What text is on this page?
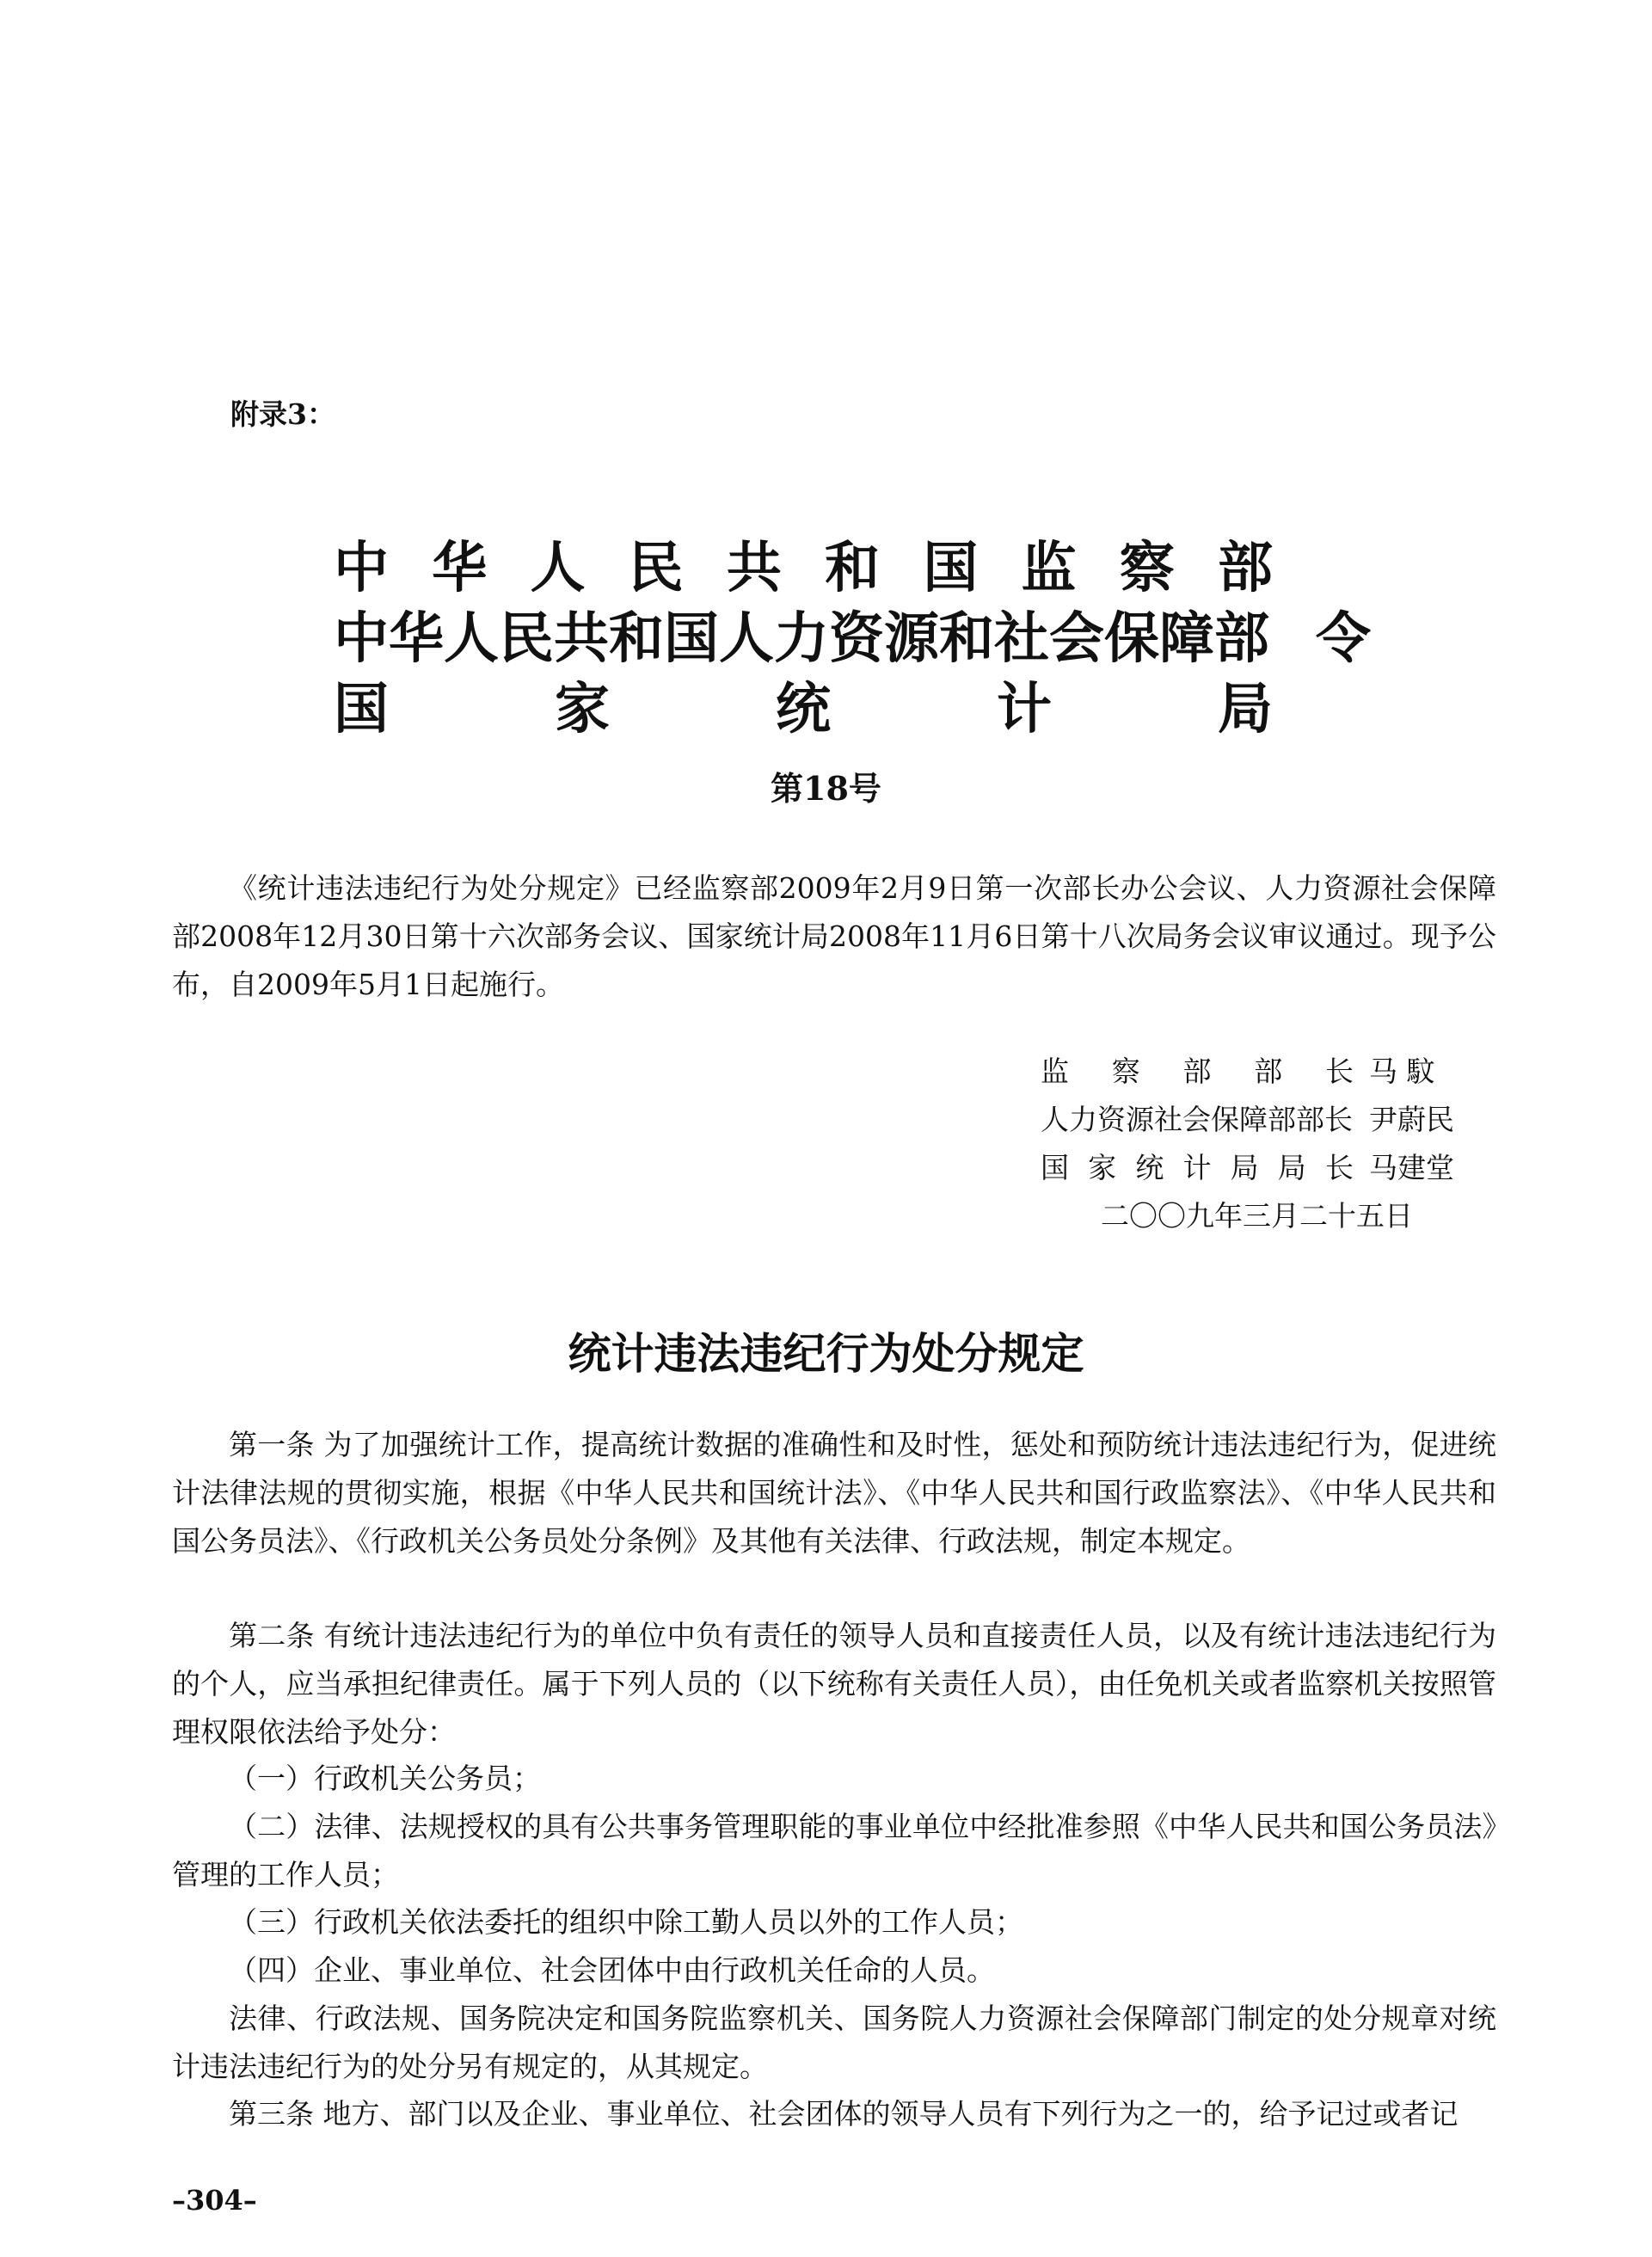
附录3：
中 华 人 民 共 和 国 监 察 部
中华人民共和国人力资源和社会保障部 令
国	家	统	计	局
第18号

《统计违法违纪行为处分规定》已经监察部2009年2月9日第一次部长办公会议、人力资源社会保障部2008年12月30日第十六次部务会议、国家统计局2008年11月6日第十八次局务会议审议通过。现予公布，自2009年5月1日起施行。

监 察 部 部 长 马 馼
人力资源社会保障部部长 尹蔚民
国 家 统 计 局 局 长 马建堂
二〇〇九年三月二十五日
统计违法违纪行为处分规定

第一条 为了加强统计工作，提高统计数据的准确性和及时性，惩处和预防统计违法违纪行为，促进统计法律法规的贯彻实施，根据《中华人民共和国统计法》、《中华人民共和国行政监察法》、《中华人民共和国公务员法》、《行政机关公务员处分条例》及其他有关法律、行政法规，制定本规定。

第二条 有统计违法违纪行为的单位中负有责任的领导人员和直接责任人员，以及有统计违法违纪行为的个人，应当承担纪律责任。属于下列人员的（以下统称有关责任人员），由任免机关或者监察机关按照管理权限依法给予处分：

（一）行政机关公务员；

（二）法律、法规授权的具有公共事务管理职能的事业单位中经批准参照《中华人民共和国公务员法》管理的工作人员；

（三）行政机关依法委托的组织中除工勤人员以外的工作人员；

（四）企业、事业单位、社会团体中由行政机关任命的人员。

法律、行政法规、国务院决定和国务院监察机关、国务院人力资源社会保障部门制定的处分规章对统计违法违纪行为的处分另有规定的，从其规定。

第三条 地方、部门以及企业、事业单位、社会团体的领导人员有下列行为之一的，给予记过或者记

–304–
